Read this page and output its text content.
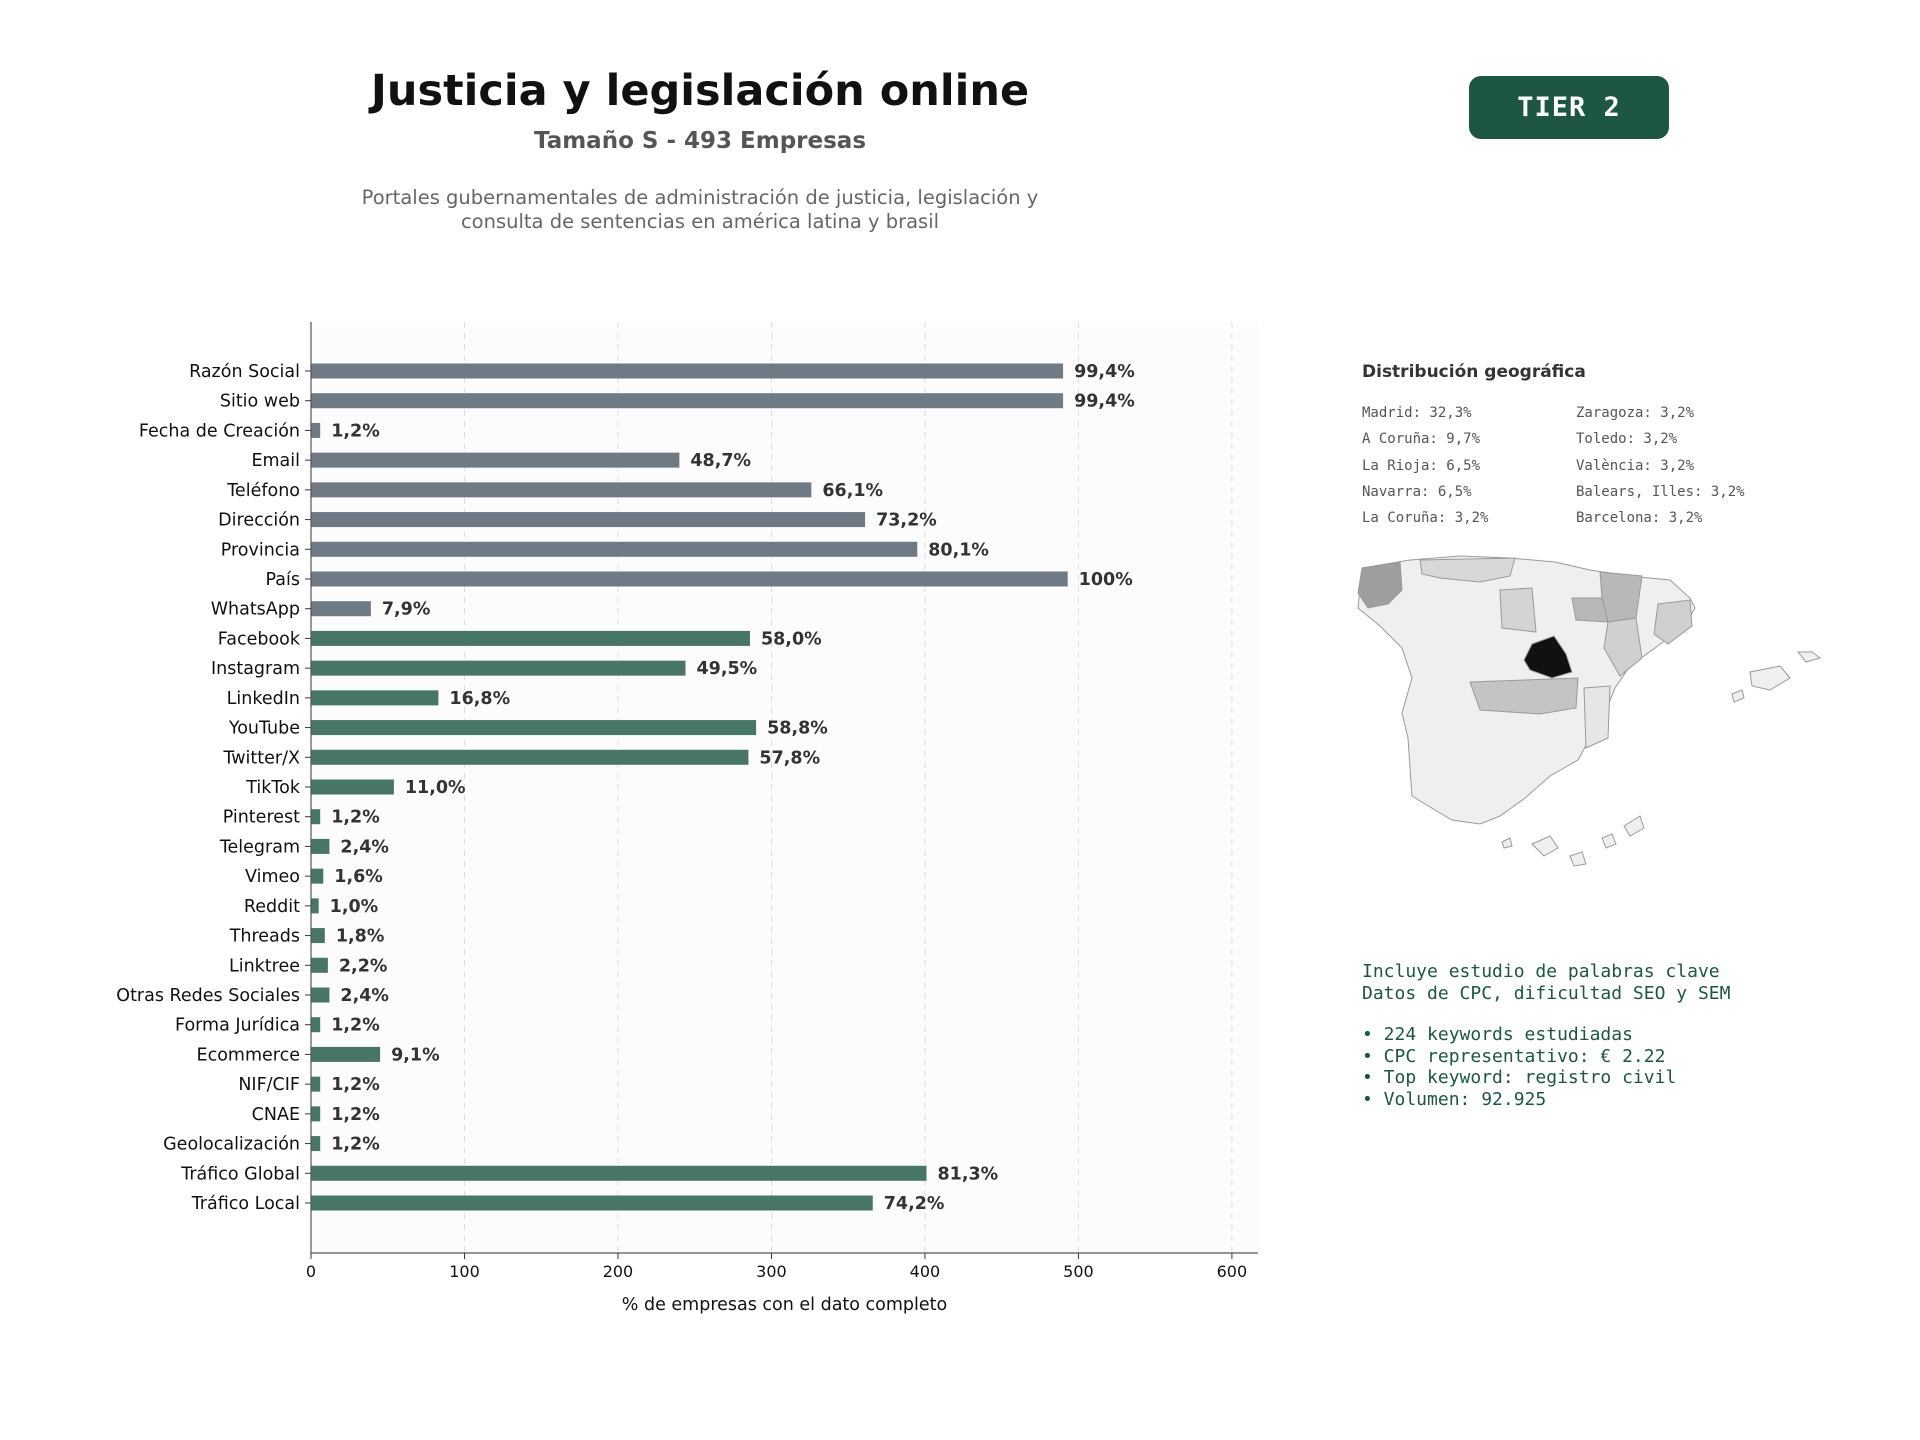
Justicia y legislación online
Tamaño S - 493 Empresas
Portales gubernamentales de administración de justicia, legislación y
consulta de sentencias en américa latina y brasil
TIER 2
Razón Social	99,4%
Sitio web	99,4%
Fecha de Creación 1,2%
Email	48,7%
Teléfono	66,1%
Dirección	73,2%
Provincia	80,1%
País	100%
WhatsApp	7,9%
Facebook	58,0%
Instagram	49,5%
LinkedIn	16,8%
YouTube	58,8%
Twitter/X	57,8%
TikTok	11,0%
Pinterest 1,2%
Telegram 2,4%
Vimeo 1,6%
Reddit 1,0%
Threads 1,8%
Linktree 2,2%
Otras Redes Sociales 2,4%
Forma Jurídica 1,2%
Ecommerce	9,1%
NIF/CIF 1,2%
CNAE 1,2%
Geolocalización 1,2%
Tráfico Global	81,3%
Tráfico Local	74,2%
0	100	200	300	400	500	600
% de empresas con el dato completo
Distribución geográfica
Madrid: 32,3%
A Coruña: 9,7%
La Rioja: 6,5%
Navarra: 6,5%
La Coruña: 3,2%
Zaragoza: 3,2%
Toledo: 3,2%
València: 3,2%
Balears, Illes: 3,2%
Barcelona: 3,2%
Incluye estudio de palabras clave
Datos de CPC, dificultad SEO y SEM
• 224 keywords estudiadas
• CPC representativo: € 2.22
• Top keyword: registro civil
• Volumen: 92.925
